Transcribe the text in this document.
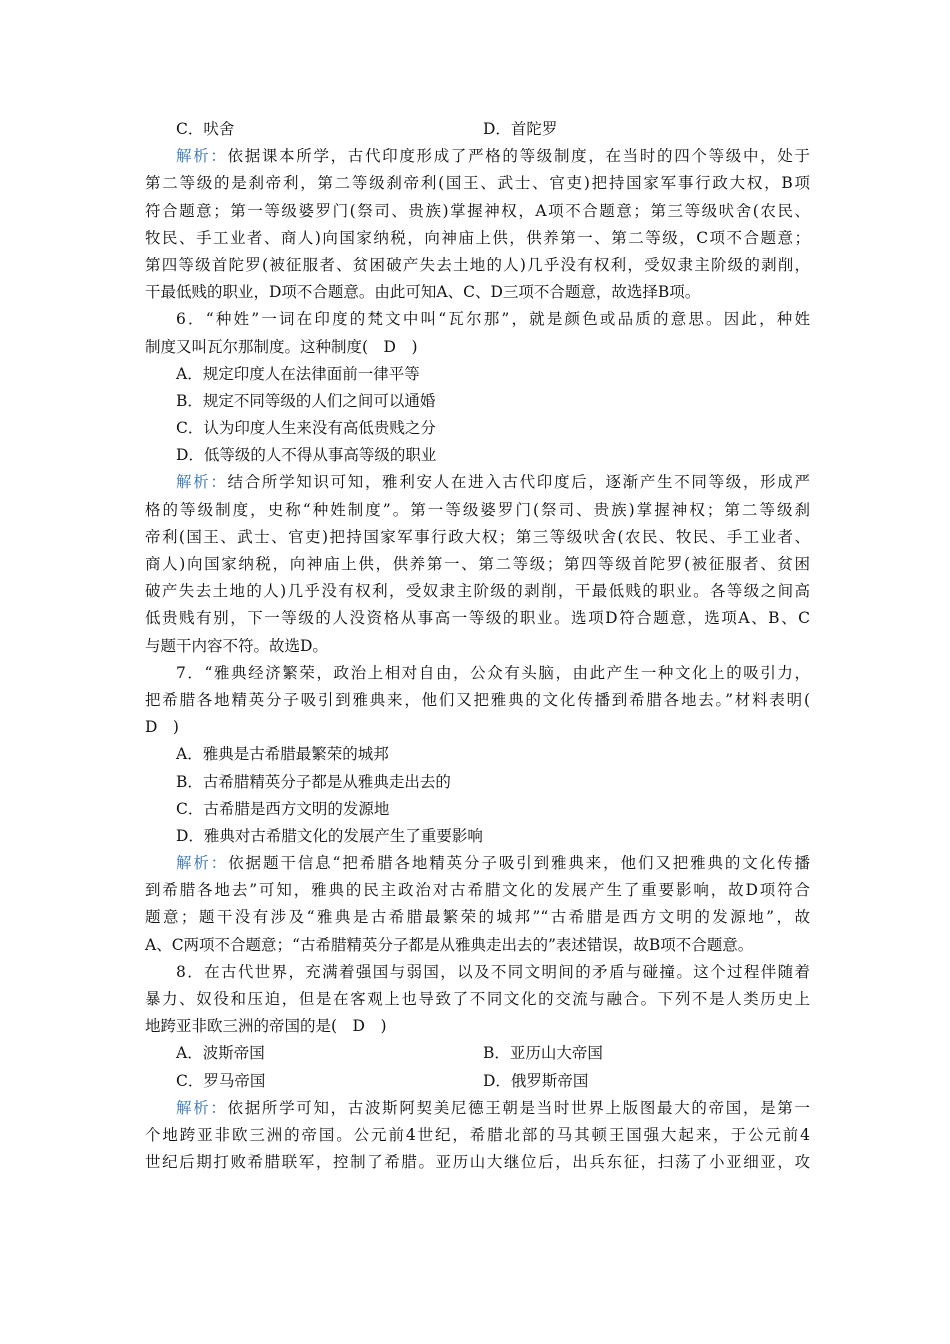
C．吠舍	D．首陀罗
解析：依据课本所学，古代印度形成了严格的等级制度，在当时的四个等级中，处于
第二等级的是刹帝利，第二等级刹帝利(国王、武士、官吏)把持国家军事行政大权，B项
符合题意；第一等级婆罗门(祭司、贵族)掌握神权，A项不合题意；第三等级吠舍(农民、
牧民、手工业者、商人)向国家纳税，向神庙上供，供养第一、第二等级，C项不合题意；
第四等级首陀罗(被征服者、贫困破产失去土地的人)几乎没有权利，受奴隶主阶级的剥削，
干最低贱的职业，D项不合题意。由此可知A、C、D三项不合题意，故选择B项。
6．“种姓”一词在印度的梵文中叫“瓦尔那”，就是颜色或品质的意思。因此，种姓
制度又叫瓦尔那制度。这种制度(　D　)
A．规定印度人在法律面前一律平等
B．规定不同等级的人们之间可以通婚
C．认为印度人生来没有高低贵贱之分
D．低等级的人不得从事高等级的职业
解析：结合所学知识可知，雅利安人在进入古代印度后，逐渐产生不同等级，形成严
格的等级制度，史称“种姓制度”。第一等级婆罗门(祭司、贵族)掌握神权；第二等级刹
帝利(国王、武士、官吏)把持国家军事行政大权；第三等级吠舍(农民、牧民、手工业者、
商人)向国家纳税，向神庙上供，供养第一、第二等级；第四等级首陀罗(被征服者、贫困
破产失去土地的人)几乎没有权利，受奴隶主阶级的剥削，干最低贱的职业。各等级之间高
低贵贱有别，下一等级的人没资格从事高一等级的职业。选项D符合题意，选项A、B、C
与题干内容不符。故选D。
7．“雅典经济繁荣，政治上相对自由，公众有头脑，由此产生一种文化上的吸引力，
把希腊各地精英分子吸引到雅典来，他们又把雅典的文化传播到希腊各地去。”材料表明(
D　)
A．雅典是古希腊最繁荣的城邦
B．古希腊精英分子都是从雅典走出去的
C．古希腊是西方文明的发源地
D．雅典对古希腊文化的发展产生了重要影响
解析：依据题干信息“把希腊各地精英分子吸引到雅典来，他们又把雅典的文化传播
到希腊各地去”可知，雅典的民主政治对古希腊文化的发展产生了重要影响，故D项符合
题意；题干没有涉及“雅典是古希腊最繁荣的城邦”“古希腊是西方文明的发源地”，故
A、C两项不合题意；“古希腊精英分子都是从雅典走出去的”表述错误，故B项不合题意。
8．在古代世界，充满着强国与弱国，以及不同文明间的矛盾与碰撞。这个过程伴随着
暴力、奴役和压迫，但是在客观上也导致了不同文化的交流与融合。下列不是人类历史上
地跨亚非欧三洲的帝国的是(　D　)
A．波斯帝国	B．亚历山大帝国
C．罗马帝国	D．俄罗斯帝国
解析：依据所学可知，古波斯阿契美尼德王朝是当时世界上版图最大的帝国，是第一
个地跨亚非欧三洲的帝国。公元前4世纪，希腊北部的马其顿王国强大起来，于公元前4
世纪后期打败希腊联军，控制了希腊。亚历山大继位后，出兵东征，扫荡了小亚细亚，攻
